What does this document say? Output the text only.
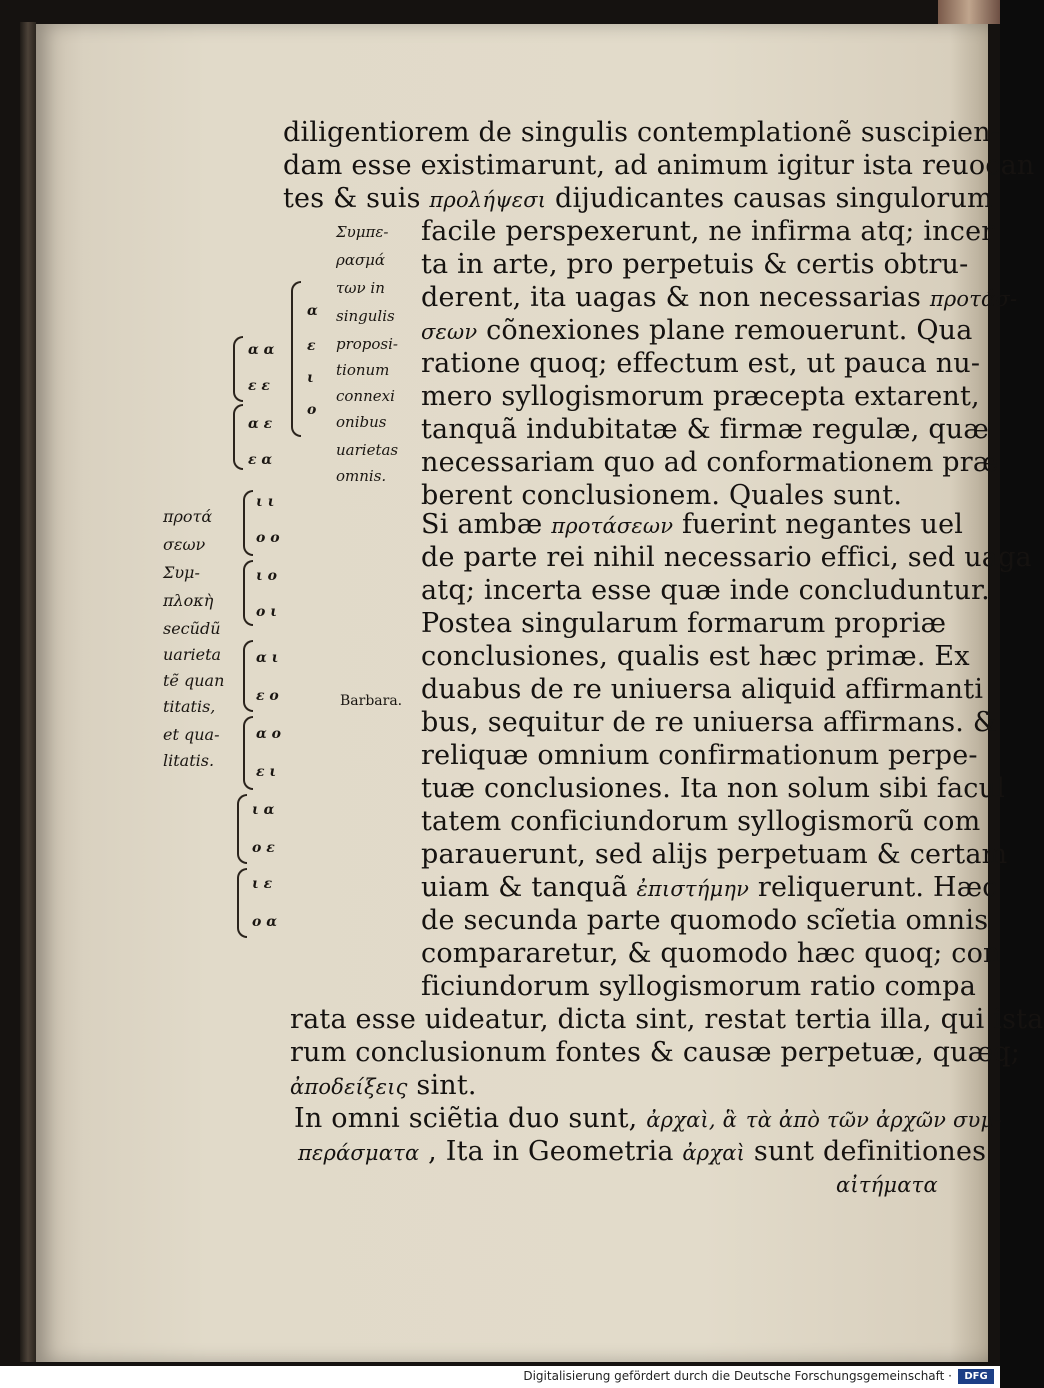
diligentiorem de singulis contemplationẽ suscipien-
dam esse existimarunt, ad animum igitur ista reuocan
tes & suis προλήψεσι dijudicantes causas singulorum
facile perspexerunt, ne infirma atq; incer
ta in arte, pro perpetuis & certis obtru-
derent, ita uagas & non necessarias προτάσ-
σεων cõnexiones plane remouerunt. Qua
ratione quoq; effectum est, ut pauca nu-
mero syllogismorum præcepta extarent,
tanquã indubitatæ & firmæ regulæ, quæ
necessariam quo ad conformationem præ
berent conclusionem. Quales sunt.
Si ambæ προτάσεων fuerint negantes uel
de parte rei nihil necessario effici, sed uaga
atq; incerta esse quæ inde concluduntur.
Postea singularum formarum propriæ
conclusiones, qualis est hæc primæ. Ex
duabus de re uniuersa aliquid affirmanti
bus, sequitur de re uniuersa affirmans. &
reliquæ omnium confirmationum perpe-
tuæ conclusiones. Ita non solum sibi facul
tatem conficiundorum syllogismorũ com
parauerunt, sed alijs perpetuam & certam
uiam & tanquã ἐπιστήμην reliquerunt. Hæc
de secunda parte quomodo scĩetia omnis
compararetur, & quomodo hæc quoq; con
ficiundorum syllogismorum ratio compa
rata esse uideatur, dicta sint, restat tertia illa, qui ista
rum conclusionum fontes & causæ perpetuæ, quæq;
ἀποδείξεις sint.
In omni sciẽtia duo sunt, ἀρχαὶ, ἃ τὰ ἀπὸ τῶν ἀρχῶν συμ-
περάσματα , Ita in Geometria ἀρχαὶ sunt definitiones
αἰτήματα
Συμπε-
ρασμά
των in
singulis
proposi-
tionum
connexi
onibus
uarietas
omnis.
α
ε
ι
ο
α α
ε ε
α ε
ε α
προτά
σεων
Συμ-
πλοκὴ
secũdũ
uarieta
tẽ quan
titatis,
et qua-
litatis.
ι ι
ο ο
ι ο
ο ι
α ι
ε ο
α ο
ε ι
ι α
ο ε
ι ε
ο α
Barbara.
Digitalisierung gefördert durch die Deutsche Forschungsgemeinschaft ·	DFG
